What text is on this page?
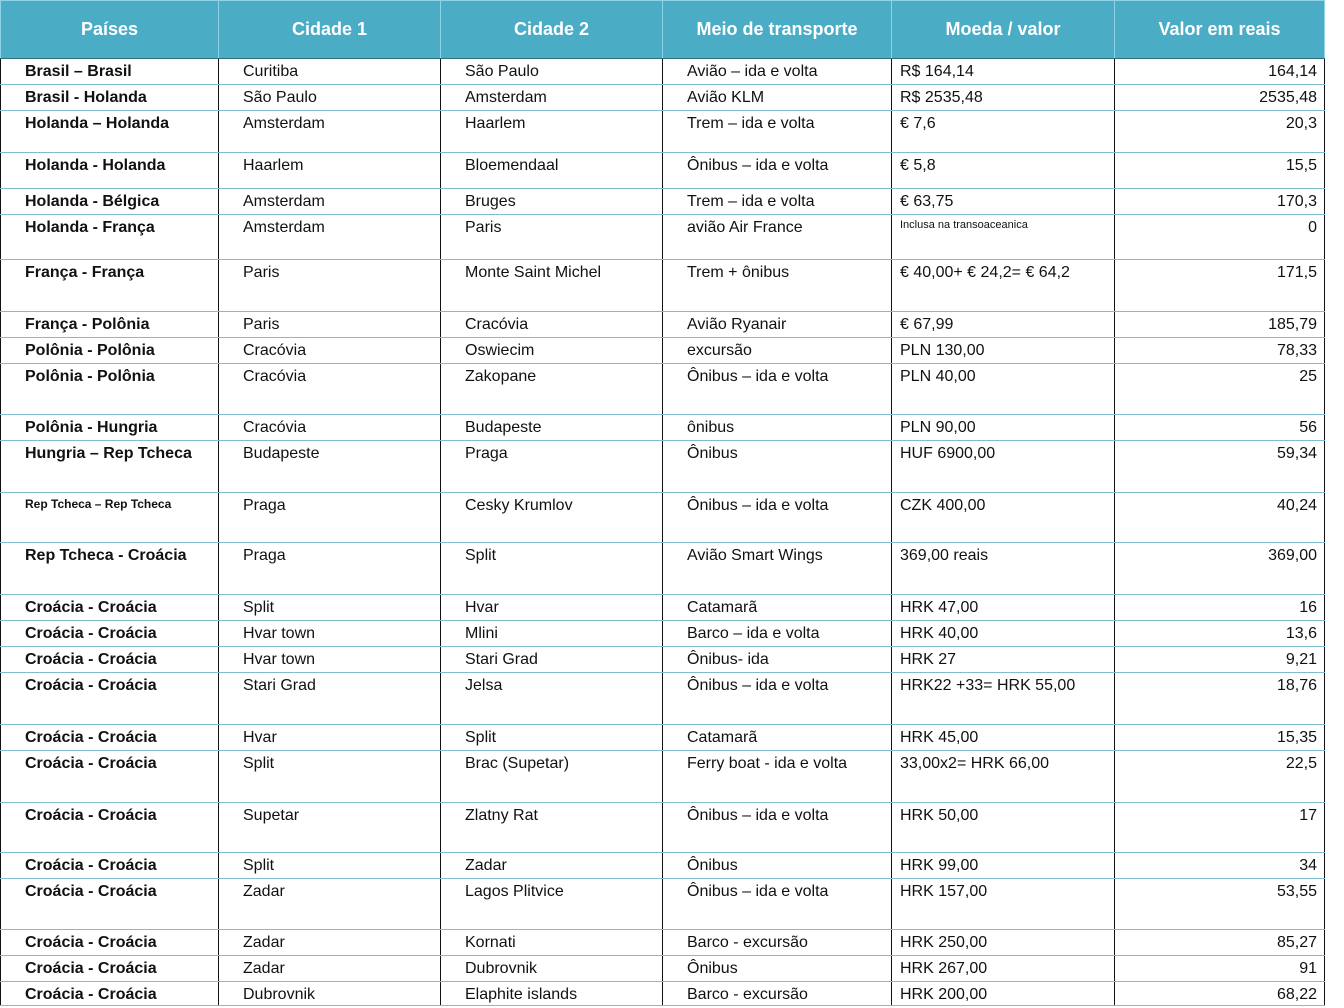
Países	Cidade 1	Cidade 2	Meio de transporte	Moeda / valor	Valor em reais
Brasil – Brasil	Curitiba	São Paulo	Avião – ida e volta	R$ 164,14	164,14
Brasil - Holanda	São Paulo	Amsterdam	Avião KLM	R$ 2535,48	2535,48
Holanda – Holanda	Amsterdam	Haarlem	Trem – ida e volta	€ 7,6	20,3
Holanda - Holanda	Haarlem	Bloemendaal	Ônibus – ida e volta	€ 5,8	15,5
Holanda - Bélgica	Amsterdam	Bruges	Trem – ida e volta	€ 63,75	170,3
Holanda - França	Amsterdam	Paris	avião Air France	Inclusa na transoaceanica	0
França - França	Paris	Monte Saint Michel	Trem + ônibus	€ 40,00+ € 24,2= € 64,2	171,5
França - Polônia	Paris	Cracóvia	Avião Ryanair	€ 67,99	185,79
Polônia - Polônia	Cracóvia	Oswiecim	excursão	PLN 130,00	78,33
Polônia - Polônia	Cracóvia	Zakopane	Ônibus – ida e volta	PLN 40,00	25
Polônia - Hungria	Cracóvia	Budapeste	ônibus	PLN 90,00	56
Hungria – Rep Tcheca	Budapeste	Praga	Ônibus	HUF 6900,00	59,34
Rep Tcheca – Rep Tcheca	Praga	Cesky Krumlov	Ônibus – ida e volta	CZK 400,00	40,24
Rep Tcheca - Croácia	Praga	Split	Avião Smart Wings	369,00 reais	369,00
Croácia - Croácia	Split	Hvar	Catamarã	HRK 47,00	16
Croácia - Croácia	Hvar town	Mlini	Barco – ida e volta	HRK 40,00	13,6
Croácia - Croácia	Hvar town	Stari Grad	Ônibus- ida	HRK 27	9,21
Croácia - Croácia	Stari Grad	Jelsa	Ônibus – ida e volta	HRK22 +33= HRK 55,00	18,76
Croácia - Croácia	Hvar	Split	Catamarã	HRK 45,00	15,35
Croácia - Croácia	Split	Brac (Supetar)	Ferry boat - ida e volta	33,00x2= HRK 66,00	22,5
Croácia - Croácia	Supetar	Zlatny Rat	Ônibus – ida e volta	HRK 50,00	17
Croácia - Croácia	Split	Zadar	Ônibus	HRK 99,00	34
Croácia - Croácia	Zadar	Lagos Plitvice	Ônibus – ida e volta	HRK 157,00	53,55
Croácia - Croácia	Zadar	Kornati	Barco - excursão	HRK 250,00	85,27
Croácia - Croácia	Zadar	Dubrovnik	Ônibus	HRK 267,00	91
Croácia - Croácia	Dubrovnik	Elaphite islands	Barco - excursão	HRK 200,00	68,22
